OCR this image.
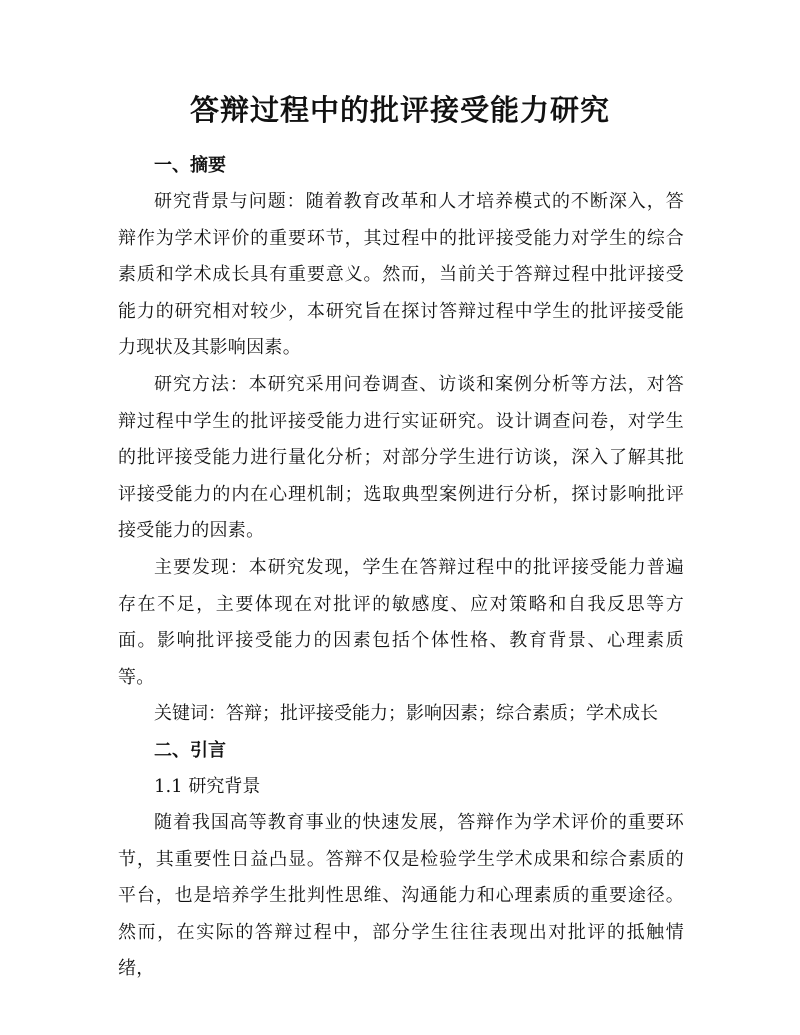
答辩过程中的批评接受能力研究
一、摘要

研究背景与问题：随着教育改革和人才培养模式的不断深入，答辩作为学术评价的重要环节，其过程中的批评接受能力对学生的综合素质和学术成长具有重要意义。然而，当前关于答辩过程中批评接受能力的研究相对较少，本研究旨在探讨答辩过程中学生的批评接受能力现状及其影响因素。

研究方法：本研究采用问卷调查、访谈和案例分析等方法，对答辩过程中学生的批评接受能力进行实证研究。设计调查问卷，对学生的批评接受能力进行量化分析；对部分学生进行访谈，深入了解其批评接受能力的内在心理机制；选取典型案例进行分析，探讨影响批评接受能力的因素。

主要发现：本研究发现，学生在答辩过程中的批评接受能力普遍存在不足，主要体现在对批评的敏感度、应对策略和自我反思等方面。影响批评接受能力的因素包括个体性格、教育背景、心理素质等。

关键词：答辩；批评接受能力；影响因素；综合素质；学术成长

二、引言

1.1 研究背景

随着我国高等教育事业的快速发展，答辩作为学术评价的重要环节，其重要性日益凸显。答辩不仅是检验学生学术成果和综合素质的平台，也是培养学生批判性思维、沟通能力和心理素质的重要途径。然而，在实际的答辩过程中，部分学生往往表现出对批评的抵触情绪，
